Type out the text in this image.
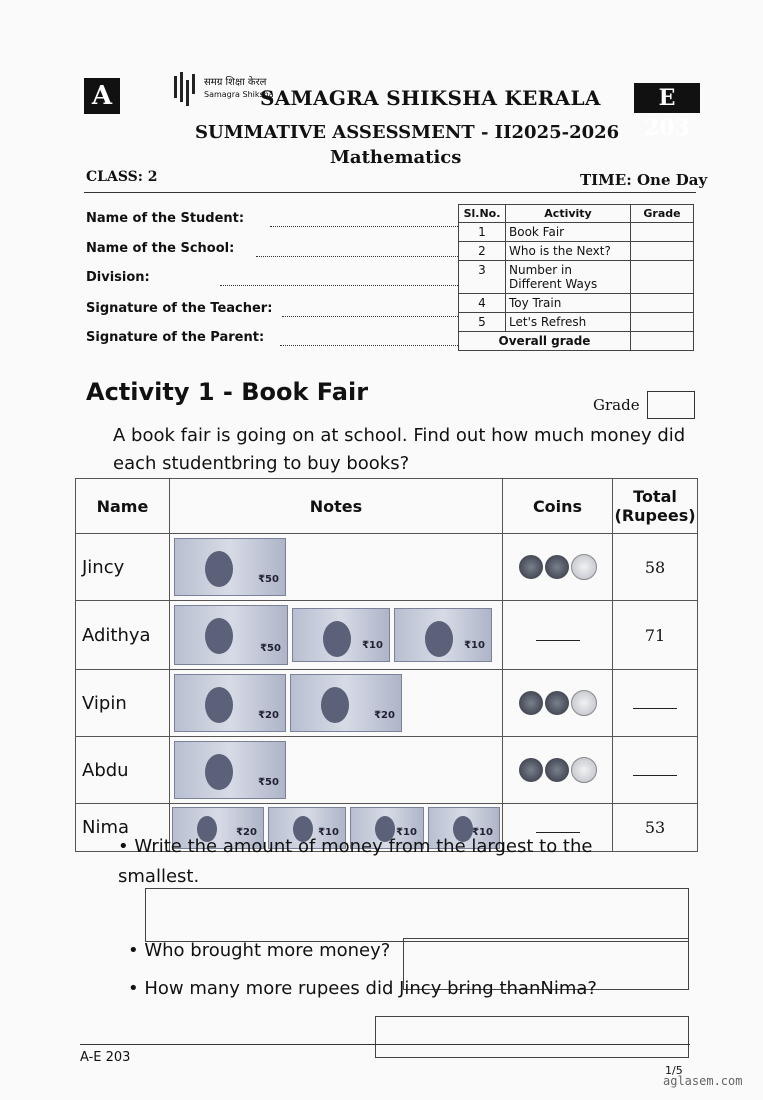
A	समग्र शिक्षा केरल
Samagra Shiksha
SAMAGRA SHIKSHA KERALA	E 203
SUMMATIVE ASSESSMENT - II2025-2026
Mathematics
CLASS: 2	TIME: One Day
Name of the Student:
Name of the School:
Division:
Signature of the Teacher:
Signature of the Parent:
Sl.No.	Activity	Grade
1	Book Fair	
2	Who is the Next?	
3	Number in Different Ways	
4	Toy Train	
5	Let's Refresh	
Overall grade		
Activity 1 - Book Fair	Grade
A book fair is going on at school. Find out how much money did each studentbring to buy books?
Name	Notes	Coins	Total (Rupees)
Jincy	₹50		58
Adithya	₹50 ₹10 ₹10		71
Vipin	₹20 ₹20		

Abdu	₹50		

Nima	₹20 ₹10 ₹10 ₹10		53
• Write the amount of money from the largest to the smallest.
• Who brought more money?
• How many more rupees did Jincy bring thanNima?
A-E 203
1/5
aglasem.com
